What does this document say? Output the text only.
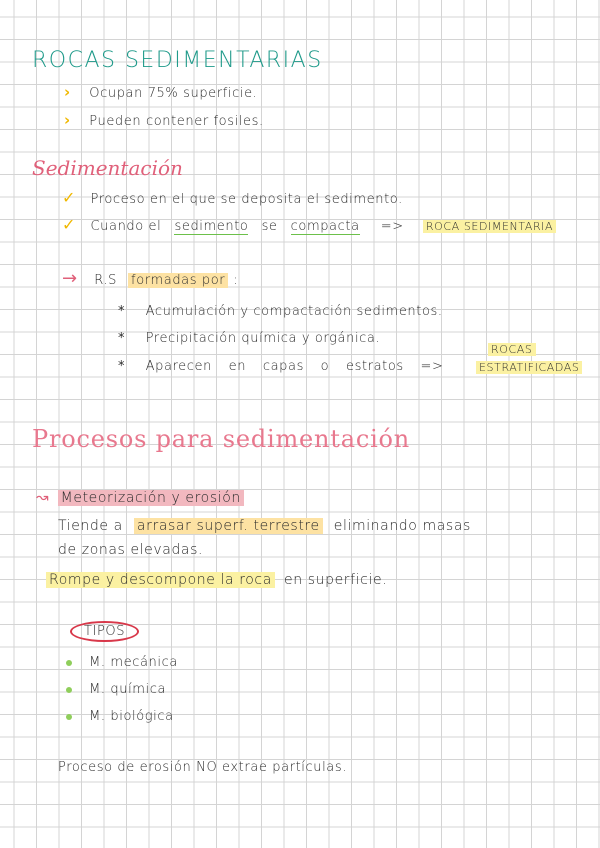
ROCAS SEDIMENTARIAS
› Ocupan 75% superficie.
› Pueden contener fosiles.
Sedimentación
✓ Proceso en el que se deposita el sedimento.
✓ Cuando el sedimento se compacta => ROCA SEDIMENTARIA
→ R.S formadas por :
* Acumulación y compactación sedimentos.
* Precipitación química y orgánica.
* Aparecen en capas o estratos =>
ROCAS
ESTRATIFICADAS
Procesos para sedimentación
↝ Meteorización y erosión
Tiende a arrasar superf. terrestre eliminando masas
de zonas elevadas.
Rompe y descompone la roca en superficie.
TIPOS
M. mecánica
M. química
M. biológica
Proceso de erosión NO extrae partículas.
